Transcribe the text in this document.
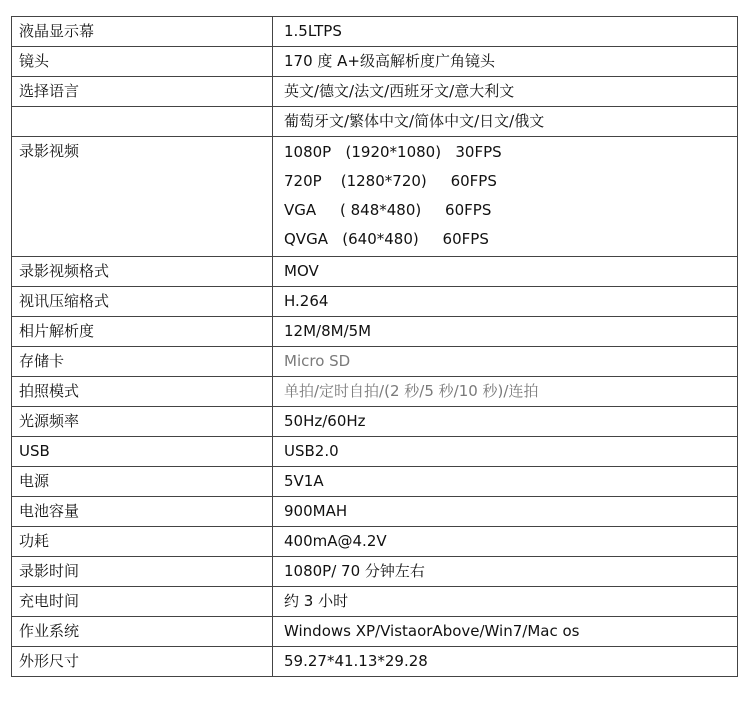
液晶显示幕	1.5LTPS
镜头	170 度 A+级高解析度广角镜头
选择语言	英文/德文/法文/西班牙文/意大利文
	葡萄牙文/繁体中文/简体中文/日文/俄文
录影视频	1080P   (1920*1080)   30FPS
720P    (1280*720)     60FPS
VGA     ( 848*480)     60FPS
QVGA   (640*480)     60FPS

录影视频格式	MOV
视讯压缩格式	H.264
相片解析度	12M/8M/5M
存储卡	Micro SD
拍照模式	单拍/定时自拍/(2 秒/5 秒/10 秒)/连拍
光源频率	50Hz/60Hz
USB	USB2.0
电源	5V1A
电池容量	900MAH
功耗	400mA@4.2V
录影时间	1080P/ 70 分钟左右
充电时间	约 3 小时
作业系统	Windows XP/VistaorAbove/Win7/Mac os
外形尺寸	59.27*41.13*29.28
